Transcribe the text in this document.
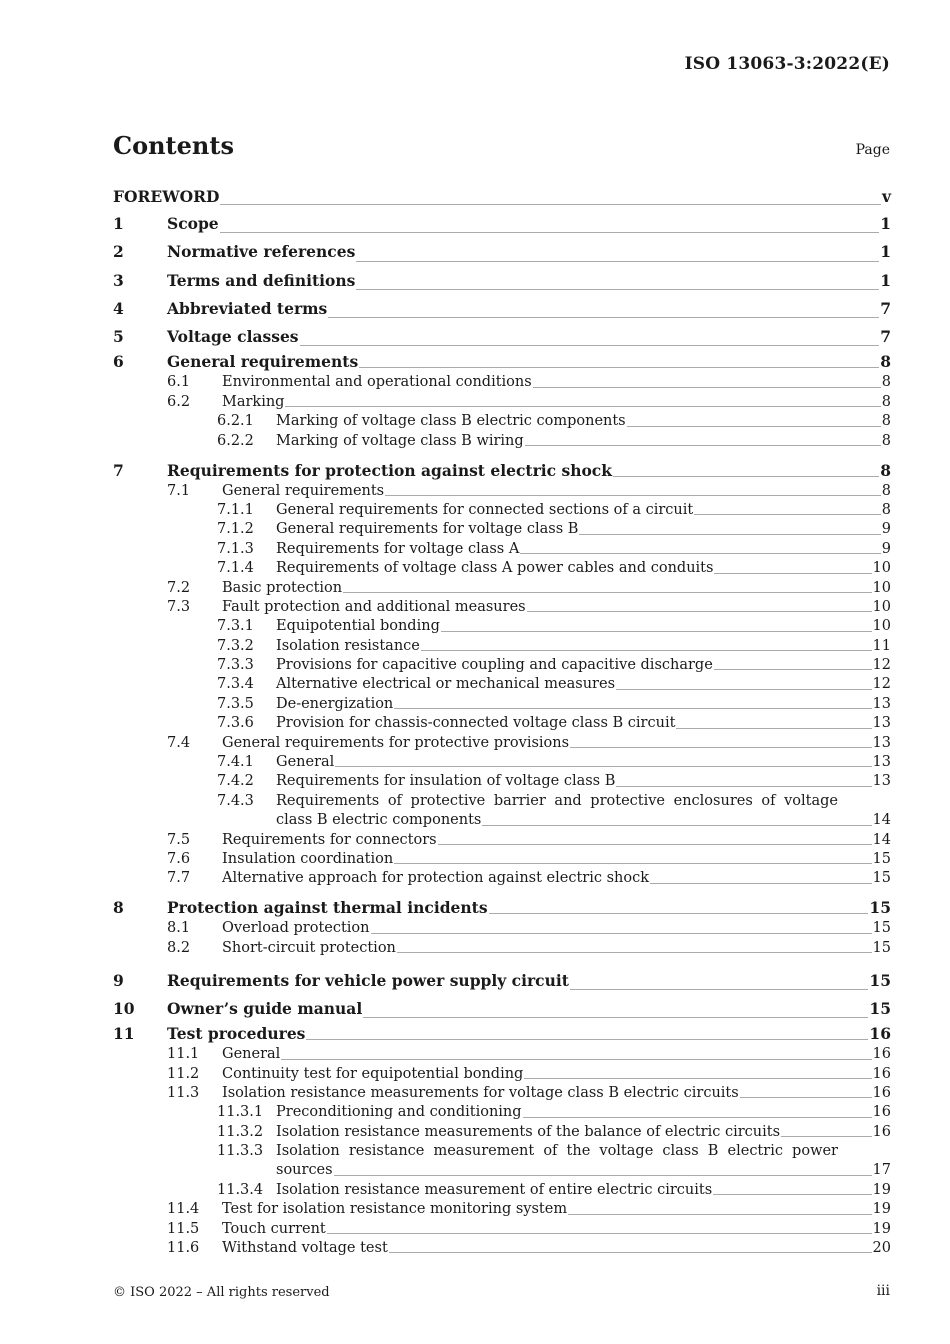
ISO 13063-3:2022(E)
Contents	Page
FOREWORD	v
1	Scope	1
2	Normative references	1
3	Terms and definitions	1
4	Abbreviated terms	7
5	Voltage classes	7
6	General requirements	8
6.1 Environmental and operational conditions	8
6.2 Marking	8
6.2.1 Marking of voltage class B electric components	8
6.2.2 Marking of voltage class B wiring	8
7	Requirements for protection against electric shock	8
7.1 General requirements	8
7.1.1 General requirements for connected sections of a circuit	8
7.1.2 General requirements for voltage class B	9
7.1.3 Requirements for voltage class A	9
7.1.4 Requirements of voltage class A power cables and conduits	10
7.2 Basic protection	10
7.3 Fault protection and additional measures	10
7.3.1 Equipotential bonding	10
7.3.2 Isolation resistance	11
7.3.3 Provisions for capacitive coupling and capacitive discharge	12
7.3.4 Alternative electrical or mechanical measures	12
7.3.5 De-energization	13
7.3.6 Provision for chassis-connected voltage class B circuit	13
7.4 General requirements for protective provisions	13
7.4.1 General	13
7.4.2 Requirements for insulation of voltage class B	13
7.4.3 Requirements of protective barrier and protective enclosures of voltage
class B electric components	14
7.5 Requirements for connectors	14
7.6 Insulation coordination	15
7.7 Alternative approach for protection against electric shock	15
8	Protection against thermal incidents	15
8.1 Overload protection	15
8.2 Short-circuit protection	15
9	Requirements for vehicle power supply circuit	15
10 Owner’s guide manual	15
11 Test procedures	16
11.1 General	16
11.2 Continuity test for equipotential bonding	16
11.3 Isolation resistance measurements for voltage class B electric circuits	16
11.3.1 Preconditioning and conditioning	16
11.3.2 Isolation resistance measurements of the balance of electric circuits	16
11.3.3 Isolation resistance measurement of the voltage class B electric power
sources	17
11.3.4 Isolation resistance measurement of entire electric circuits	19
11.4 Test for isolation resistance monitoring system	19
11.5 Touch current	19
11.6 Withstand voltage test	20
© ISO 2022 – All rights reserved	iii
